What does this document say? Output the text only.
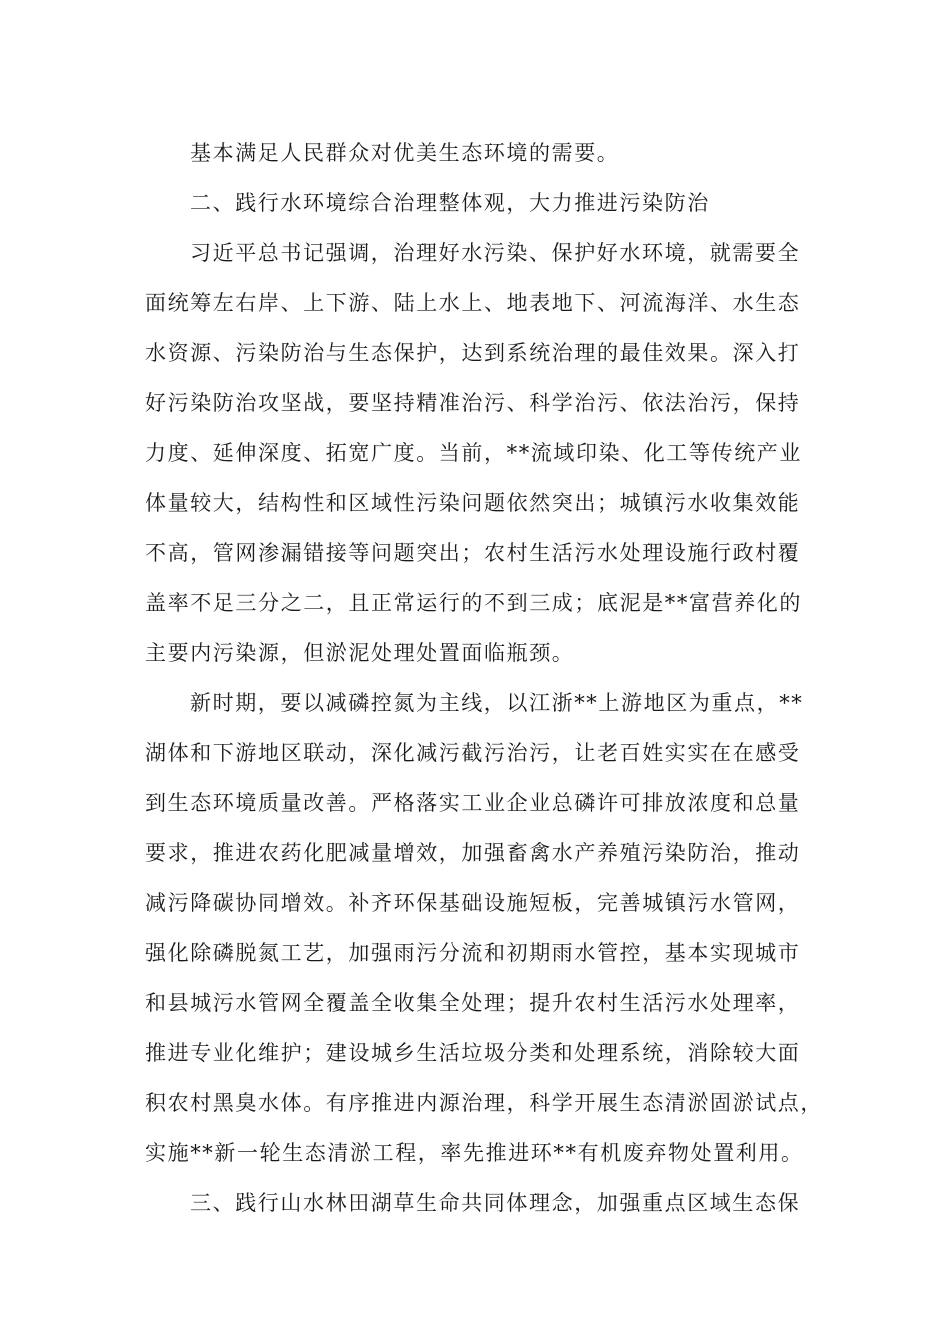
基本满足人民群众对优美生态环境的需要。
二、践行水环境综合治理整体观，大力推进污染防治
习近平总书记强调，治理好水污染、保护好水环境，就需要全
面统筹左右岸、上下游、陆上水上、地表地下、河流海洋、水生态
水资源、污染防治与生态保护，达到系统治理的最佳效果。深入打
好污染防治攻坚战，要坚持精准治污、科学治污、依法治污，保持
力度、延伸深度、拓宽广度。当前，**流域印染、化工等传统产业
体量较大，结构性和区域性污染问题依然突出；城镇污水收集效能
不高，管网渗漏错接等问题突出；农村生活污水处理设施行政村覆
盖率不足三分之二，且正常运行的不到三成；底泥是**富营养化的
主要内污染源，但淤泥处理处置面临瓶颈。
新时期，要以减磷控氮为主线，以江浙**上游地区为重点，**
湖体和下游地区联动，深化减污截污治污，让老百姓实实在在感受
到生态环境质量改善。严格落实工业企业总磷许可排放浓度和总量
要求，推进农药化肥减量增效，加强畜禽水产养殖污染防治，推动
减污降碳协同增效。补齐环保基础设施短板，完善城镇污水管网，
强化除磷脱氮工艺，加强雨污分流和初期雨水管控，基本实现城市
和县城污水管网全覆盖全收集全处理；提升农村生活污水处理率，
推进专业化维护；建设城乡生活垃圾分类和处理系统，消除较大面
积农村黑臭水体。有序推进内源治理，科学开展生态清淤固淤试点，
实施**新一轮生态清淤工程，率先推进环**有机废弃物处置利用。
三、践行山水林田湖草生命共同体理念，加强重点区域生态保
